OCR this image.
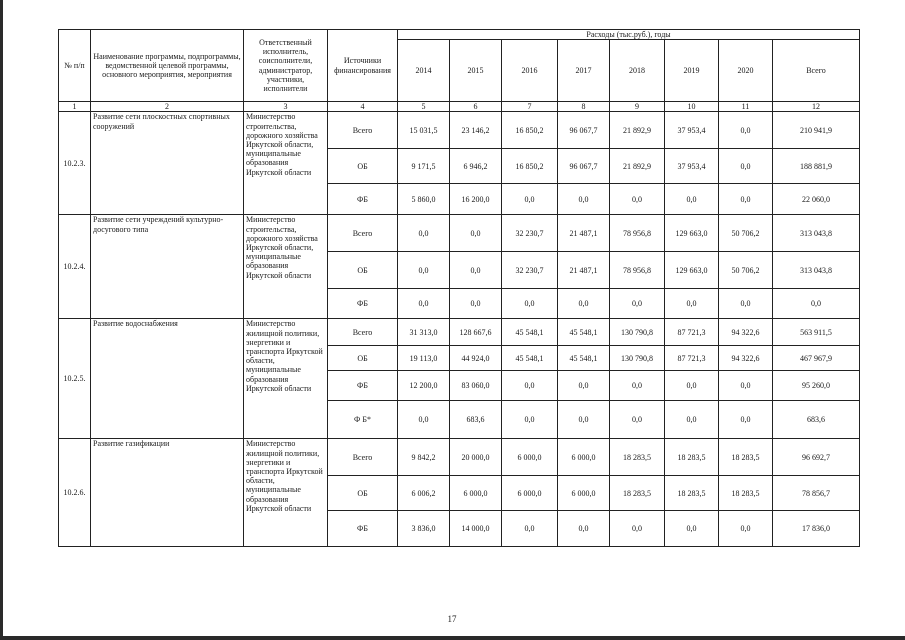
№ п/п	Наименование программы, подпрограммы, ведомственной целевой программы, основного мероприятия, мероприятия	Ответственный исполнитель, соисполнители, администратор, участники, исполнители	Источники финансирования	Расходы (тыс.руб.), годы							
				2014	2015	2016	2017	2018	2019	2020	Всего
1	2	3	4	5	6	7	8	9	10	11	12
10.2.3.	Развитие сети плоскостных спортивных сооружений	Министерство строительства, дорожного хозяйства Иркутской области, муниципальные образования Иркутской области	Всего	15 031,5	23 146,2	16 850,2	96 067,7	21 892,9	37 953,4	0,0	210 941,9
			ОБ	9 171,5	6 946,2	16 850,2	96 067,7	21 892,9	37 953,4	0,0	188 881,9
			ФБ	5 860,0	16 200,0	0,0	0,0	0,0	0,0	0,0	22 060,0
10.2.4.	Развитие сети учреждений культурно-досугового типа	Министерство строительства, дорожного хозяйства Иркутской области, муниципальные образования Иркутской области	Всего	0,0	0,0	32 230,7	21 487,1	78 956,8	129 663,0	50 706,2	313 043,8
			ОБ	0,0	0,0	32 230,7	21 487,1	78 956,8	129 663,0	50 706,2	313 043,8
			ФБ	0,0	0,0	0,0	0,0	0,0	0,0	0,0	0,0
10.2.5.	Развитие водоснабжения	Министерство жилищной политики, энергетики и транспорта Иркутской области, муниципальные образования Иркутской области	Всего	31 313,0	128 667,6	45 548,1	45 548,1	130 790,8	87 721,3	94 322,6	563 911,5
			ОБ	19 113,0	44 924,0	45 548,1	45 548,1	130 790,8	87 721,3	94 322,6	467 967,9
			ФБ	12 200,0	83 060,0	0,0	0,0	0,0	0,0	0,0	95 260,0
			Ф Б*	0,0	683,6	0,0	0,0	0,0	0,0	0,0	683,6
10.2.6.	Развитие газификации	Министерство жилищной политики, энергетики и транспорта Иркутской области, муниципальные образования Иркутской области	Всего	9 842,2	20 000,0	6 000,0	6 000,0	18 283,5	18 283,5	18 283,5	96 692,7
			ОБ	6 006,2	6 000,0	6 000,0	6 000,0	18 283,5	18 283,5	18 283,5	78 856,7
			ФБ	3 836,0	14 000,0	0,0	0,0	0,0	0,0	0,0	17 836,0
17
